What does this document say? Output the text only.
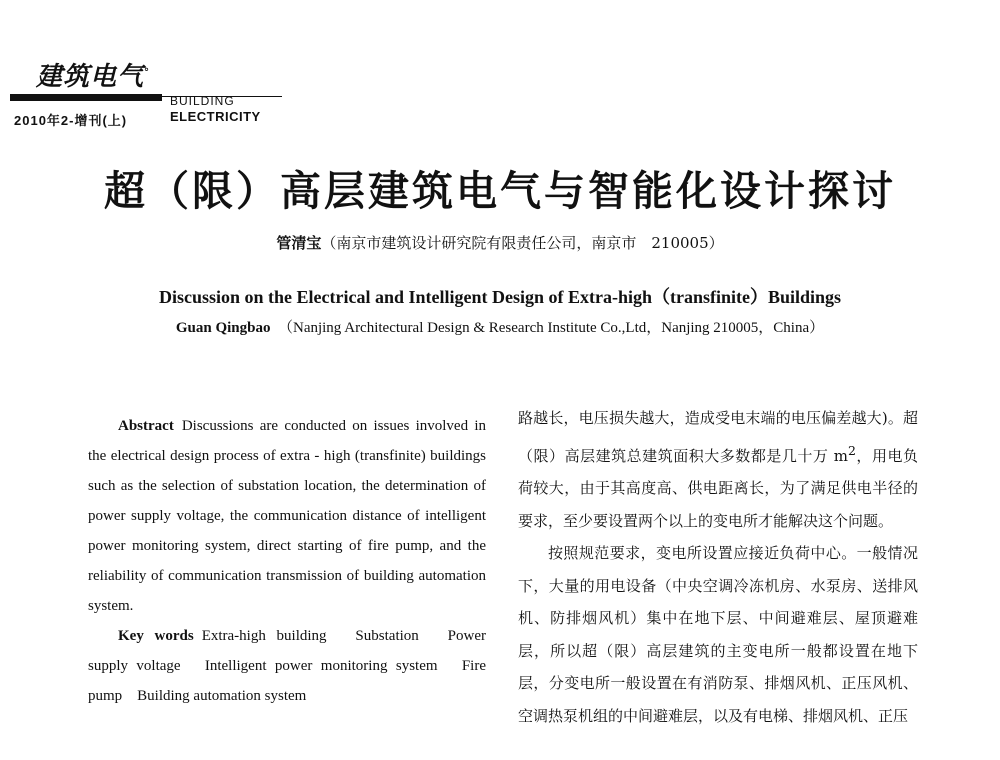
建筑电气°
BUILDING
ELECTRICITY
2010年2-增刊(上)
超（限）高层建筑电气与智能化设计探讨
管清宝（南京市建筑设计研究院有限责任公司，南京市　210005）
Discussion on the Electrical and Intelligent Design of Extra-high（transfinite）Buildings
Guan Qingbao　 （Nanjing Architectural Design & Research Institute Co.,Ltd，Nanjing 210005，China）

Abstract Discussions are conducted on issues involved in the electrical design process of extra - high (transfinite) buildings such as the selection of substation location, the determination of power supply voltage, the communication distance of intelligent power monitoring system, direct starting of fire pump, and the reliability of communication transmission of building automation system.

Key words Extra-high building　Substation　Power supply voltage　Intelligent power monitoring system　Fire pump　Building automation system

路越长，电压损失越大，造成受电末端的电压偏差越大)。超（限）高层建筑总建筑面积大多数都是几十万 $m^2$，用电负荷较大，由于其高度高、供电距离长，为了满足供电半径的要求，至少要设置两个以上的变电所才能解决这个问题。

按照规范要求，变电所设置应接近负荷中心。一般情况下，大量的用电设备（中央空调冷冻机房、水泵房、送排风机、防排烟风机）集中在地下层、中间避难层、屋顶避难层，所以超（限）高层建筑的主变电所一般都设置在地下层，分变电所一般设置在有消防泵、排烟风机、正压风机、空调热泵机组的中间避难层，以及有电梯、排烟风机、正压
